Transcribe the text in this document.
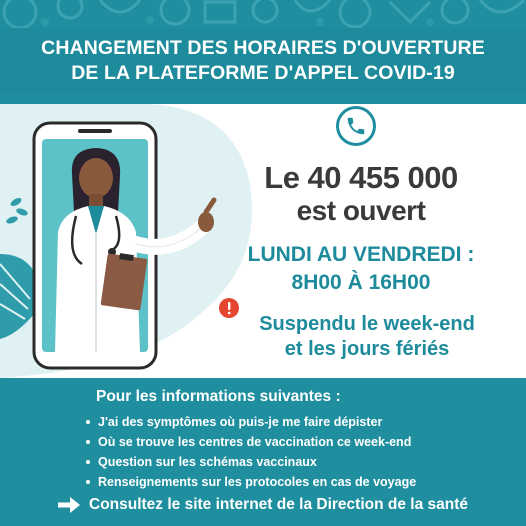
CHANGEMENT DES HORAIRES D'OUVERTURE
DE LA PLATEFORME D'APPEL COVID-19
Le 40 455 000
est ouvert
LUNDI AU VENDREDI :
8H00 À 16H00
Suspendu le week-end
et les jours fériés
Pour les informations suivantes :
J'ai des symptômes où puis-je me faire dépister
Où se trouve les centres de vaccination ce week-end
Question sur les schémas vaccinaux
Renseignements sur les protocoles en cas de voyage
Consultez le site internet de la Direction de la santé
